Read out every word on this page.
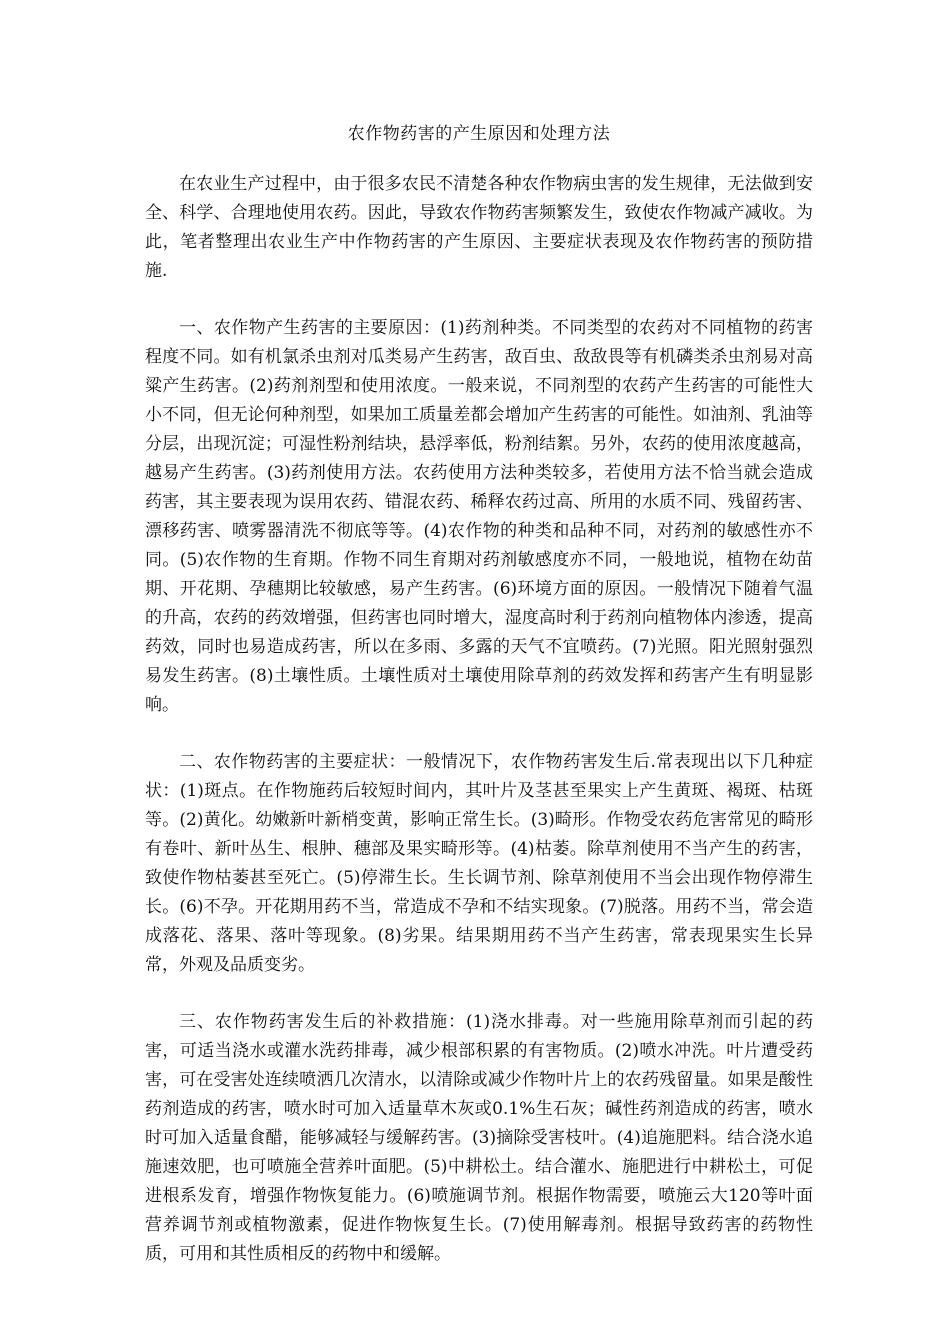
农作物药害的产生原因和处理方法

在农业生产过程中，由于很多农民不清楚各种农作物病虫害的发生规律，无法做到安全、科学、合理地使用农药。因此，导致农作物药害频繁发生，致使农作物减产减收。为此，笔者整理出农业生产中作物药害的产生原因、主要症状表现及农作物药害的预防措施.

一、农作物产生药害的主要原因：(1)药剂种类。不同类型的农药对不同植物的药害程度不同。如有机氯杀虫剂对瓜类易产生药害，敌百虫、敌敌畏等有机磷类杀虫剂易对高粱产生药害。(2)药剂剂型和使用浓度。一般来说，不同剂型的农药产生药害的可能性大小不同，但无论何种剂型，如果加工质量差都会增加产生药害的可能性。如油剂、乳油等分层，出现沉淀；可湿性粉剂结块，悬浮率低，粉剂结絮。另外，农药的使用浓度越高，越易产生药害。(3)药剂使用方法。农药使用方法种类较多，若使用方法不恰当就会造成药害，其主要表现为误用农药、错混农药、稀释农药过高、所用的水质不同、残留药害、漂移药害、喷雾器清洗不彻底等等。(4)农作物的种类和品种不同，对药剂的敏感性亦不同。(5)农作物的生育期。作物不同生育期对药剂敏感度亦不同，一般地说，植物在幼苗期、开花期、孕穗期比较敏感，易产生药害。(6)环境方面的原因。一般情况下随着气温的升高，农药的药效增强，但药害也同时增大，湿度高时利于药剂向植物体内渗透，提高药效，同时也易造成药害，所以在多雨、多露的天气不宜喷药。(7)光照。阳光照射强烈易发生药害。(8)土壤性质。土壤性质对土壤使用除草剂的药效发挥和药害产生有明显影响。

二、农作物药害的主要症状：一般情况下，农作物药害发生后.常表现出以下几种症状：(1)斑点。在作物施药后较短时间内，其叶片及茎甚至果实上产生黄斑、褐斑、枯斑等。(2)黄化。幼嫩新叶新梢变黄，影响正常生长。(3)畸形。作物受农药危害常见的畸形有卷叶、新叶丛生、根肿、穗部及果实畸形等。(4)枯萎。除草剂使用不当产生的药害，致使作物枯萎甚至死亡。(5)停滞生长。生长调节剂、除草剂使用不当会出现作物停滞生长。(6)不孕。开花期用药不当，常造成不孕和不结实现象。(7)脱落。用药不当，常会造成落花、落果、落叶等现象。(8)劣果。结果期用药不当产生药害，常表现果实生长异常，外观及品质变劣。

三、农作物药害发生后的补救措施：(1)浇水排毒。对一些施用除草剂而引起的药害，可适当浇水或灌水洗药排毒，减少根部积累的有害物质。(2)喷水冲洗。叶片遭受药害，可在受害处连续喷洒几次清水，以清除或减少作物叶片上的农药残留量。如果是酸性药剂造成的药害，喷水时可加入适量草木灰或0.1%生石灰；碱性药剂造成的药害，喷水时可加入适量食醋，能够减轻与缓解药害。(3)摘除受害枝叶。(4)追施肥料。结合浇水追施速效肥，也可喷施全营养叶面肥。(5)中耕松土。结合灌水、施肥进行中耕松土，可促进根系发育，增强作物恢复能力。(6)喷施调节剂。根据作物需要，喷施云大120等叶面营养调节剂或植物激素，促进作物恢复生长。(7)使用解毒剂。根据导致药害的药物性质，可用和其性质相反的药物中和缓解。
